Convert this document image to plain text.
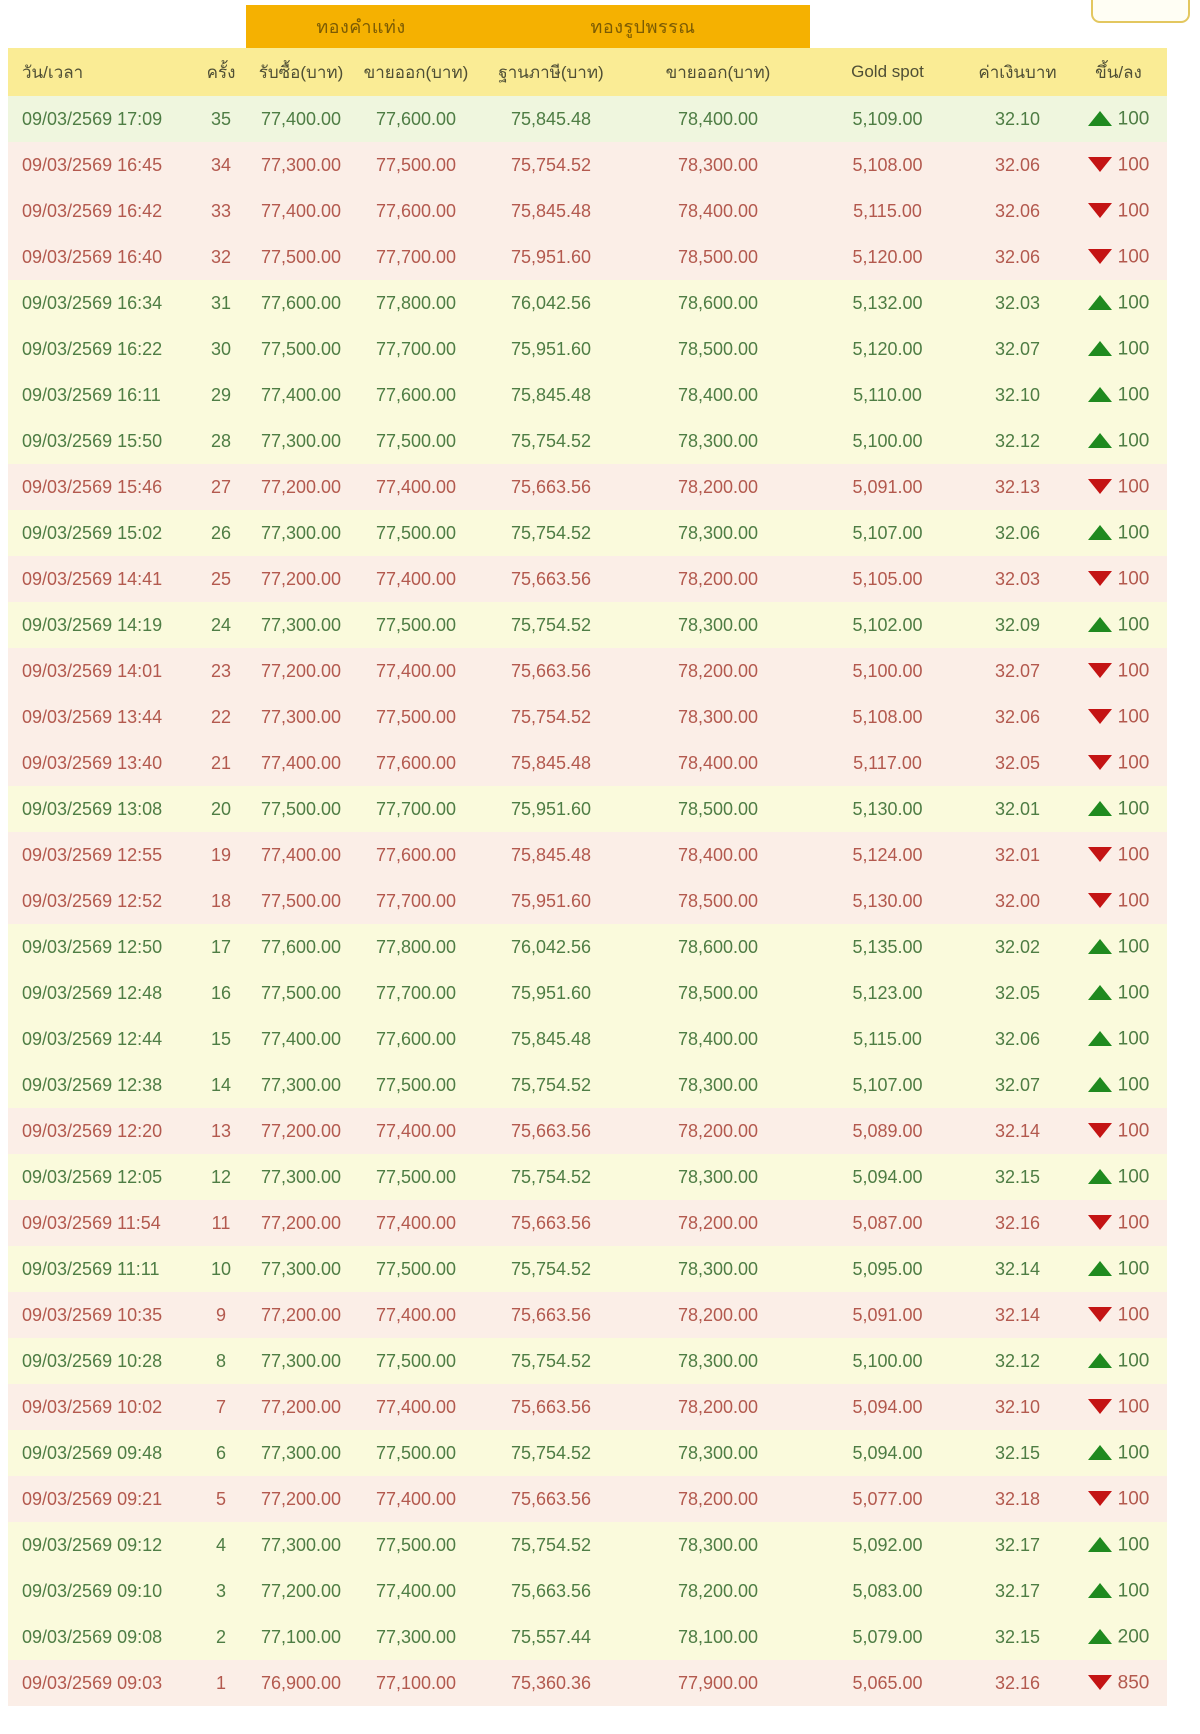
		ทองคำแท่ง		ทองรูปพรรณ				
วัน/เวลา	ครั้ง	รับซื้อ(บาท)	ขายออก(บาท)	ฐานภาษี(บาท)	ขายออก(บาท)	Gold spot	ค่าเงินบาท	ขึ้น/ลง
09/03/2569 17:09	35	77,400.00	77,600.00	75,845.48	78,400.00	5,109.00	32.10	100
09/03/2569 16:45	34	77,300.00	77,500.00	75,754.52	78,300.00	5,108.00	32.06	100
09/03/2569 16:42	33	77,400.00	77,600.00	75,845.48	78,400.00	5,115.00	32.06	100
09/03/2569 16:40	32	77,500.00	77,700.00	75,951.60	78,500.00	5,120.00	32.06	100
09/03/2569 16:34	31	77,600.00	77,800.00	76,042.56	78,600.00	5,132.00	32.03	100
09/03/2569 16:22	30	77,500.00	77,700.00	75,951.60	78,500.00	5,120.00	32.07	100
09/03/2569 16:11	29	77,400.00	77,600.00	75,845.48	78,400.00	5,110.00	32.10	100
09/03/2569 15:50	28	77,300.00	77,500.00	75,754.52	78,300.00	5,100.00	32.12	100
09/03/2569 15:46	27	77,200.00	77,400.00	75,663.56	78,200.00	5,091.00	32.13	100
09/03/2569 15:02	26	77,300.00	77,500.00	75,754.52	78,300.00	5,107.00	32.06	100
09/03/2569 14:41	25	77,200.00	77,400.00	75,663.56	78,200.00	5,105.00	32.03	100
09/03/2569 14:19	24	77,300.00	77,500.00	75,754.52	78,300.00	5,102.00	32.09	100
09/03/2569 14:01	23	77,200.00	77,400.00	75,663.56	78,200.00	5,100.00	32.07	100
09/03/2569 13:44	22	77,300.00	77,500.00	75,754.52	78,300.00	5,108.00	32.06	100
09/03/2569 13:40	21	77,400.00	77,600.00	75,845.48	78,400.00	5,117.00	32.05	100
09/03/2569 13:08	20	77,500.00	77,700.00	75,951.60	78,500.00	5,130.00	32.01	100
09/03/2569 12:55	19	77,400.00	77,600.00	75,845.48	78,400.00	5,124.00	32.01	100
09/03/2569 12:52	18	77,500.00	77,700.00	75,951.60	78,500.00	5,130.00	32.00	100
09/03/2569 12:50	17	77,600.00	77,800.00	76,042.56	78,600.00	5,135.00	32.02	100
09/03/2569 12:48	16	77,500.00	77,700.00	75,951.60	78,500.00	5,123.00	32.05	100
09/03/2569 12:44	15	77,400.00	77,600.00	75,845.48	78,400.00	5,115.00	32.06	100
09/03/2569 12:38	14	77,300.00	77,500.00	75,754.52	78,300.00	5,107.00	32.07	100
09/03/2569 12:20	13	77,200.00	77,400.00	75,663.56	78,200.00	5,089.00	32.14	100
09/03/2569 12:05	12	77,300.00	77,500.00	75,754.52	78,300.00	5,094.00	32.15	100
09/03/2569 11:54	11	77,200.00	77,400.00	75,663.56	78,200.00	5,087.00	32.16	100
09/03/2569 11:11	10	77,300.00	77,500.00	75,754.52	78,300.00	5,095.00	32.14	100
09/03/2569 10:35	9	77,200.00	77,400.00	75,663.56	78,200.00	5,091.00	32.14	100
09/03/2569 10:28	8	77,300.00	77,500.00	75,754.52	78,300.00	5,100.00	32.12	100
09/03/2569 10:02	7	77,200.00	77,400.00	75,663.56	78,200.00	5,094.00	32.10	100
09/03/2569 09:48	6	77,300.00	77,500.00	75,754.52	78,300.00	5,094.00	32.15	100
09/03/2569 09:21	5	77,200.00	77,400.00	75,663.56	78,200.00	5,077.00	32.18	100
09/03/2569 09:12	4	77,300.00	77,500.00	75,754.52	78,300.00	5,092.00	32.17	100
09/03/2569 09:10	3	77,200.00	77,400.00	75,663.56	78,200.00	5,083.00	32.17	100
09/03/2569 09:08	2	77,100.00	77,300.00	75,557.44	78,100.00	5,079.00	32.15	200
09/03/2569 09:03	1	76,900.00	77,100.00	75,360.36	77,900.00	5,065.00	32.16	850
